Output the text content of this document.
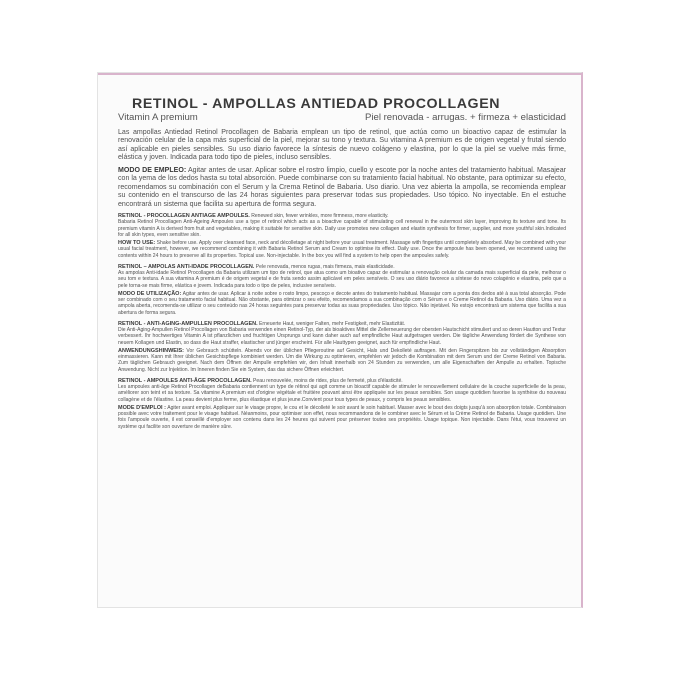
RETINOL - AMPOLLAS ANTIEDAD PROCOLLAGEN
Vitamin A premium	Piel renovada - arrugas. + firmeza + elasticidad

Las ampollas Antiedad Retinol Procollagen de Babaria emplean un tipo de retinol, que actúa como un bioactivo capaz de estimular la renovación celular de la capa más superficial de la piel, mejorar su tono y textura. Su vitamina A premium es de origen vegetal y frutal siendo así aplicable en pieles sensibles. Su uso diario favorece la síntesis de nuevo colágeno y elastina, por lo que la piel se vuelve más firme, elástica y joven. Indicada para todo tipo de pieles, incluso sensibles.

MODO DE EMPLEO: Agitar antes de usar. Aplicar sobre el rostro limpio, cuello y escote por la noche antes del tratamiento habitual. Masajear con la yema de los dedos hasta su total absorción. Puede combinarse con su tratamiento facial habitual. No obstante, para optimizar su efecto, recomendamos su combinación con el Serum y la Crema Retinol de Babaria. Uso diario. Una vez abierta la ampolla, se recomienda emplear su contenido en el transcurso de las 24 horas siguientes para preservar todas sus propiedades. Uso tópico. No inyectable. En el estuche encontrará un sistema que facilita su apertura de forma segura.

RETINOL - PROCOLLAGEN ANTIAGE AMPOULES. Renewed skin, fewer wrinkles, more firmness, more elasticity.

Babaria Retinol Procollagen Anti-Ageing Ampoules use a type of retinol which acts as a bioactive capable of stimulating cell renewal in the outermost skin layer, improving its texture and tone. Its premium vitamin A is derived from fruit and vegetables, making it suitable for sensitive skin. Daily use promotes new collagen and elastin synthesis for firmer, supplier, and more youthful skin.Indicated for all skin types, even sensitive skin.

HOW TO USE: Shake before use. Apply over cleansed face, neck and décolletage at night before your usual treatment. Massage with fingertips until completely absorbed. May be combined with your usual facial treatment, however, we recommend combining it with Babaria Retinol Serum and Cream to optimise its effect. Daily use. Once the ampoule has been opened, we recommend using the contents within 24 hours to preserve all its properties. Topical use. Non-injectable. In the box you will find a system to help open the ampoules safely.

RETINOL – AMPOLAS ANTI-IDADE PROCOLLAGEN. Pele renovada, menos rugas, mais firmeza, mais elasticidade.

As ampolas Anti-idade Retinol Procollagen da Babaria utilizam um tipo de retinol, que atua como um bioativo capaz de estimular a renovação celular da camada mais superficial da pele, melhorar o seu tom e textura. A sua vitamina A premium é de origem vegetal e de fruta sendo assim aplicável em peles sensíveis. O seu uso diário favorece a síntese do novo colagénio e elastina, pelo que a pele torna-se mais firme, elástica e jovem. Indicada para todo o tipo de peles, inclusive sensíveis.

MODO DE UTILIZAÇÃO: Agitar antes de usar. Aplicar à noite sobre o rosto limpo, pescoço e decote antes do tratamento habitual. Massajar com a ponta dos dedos até à sua total absorção. Pode ser combinado com o seu tratamento facial habitual. Não obstante, para otimizar o seu efeito, recomendamos a sua combinação com o Sérum e o Creme Retinol da Babaria. Uso diário. Uma vez a ampola aberta, recomenda-se utilizar o seu conteúdo nas 24 horas seguintes para preservar todas as suas propriedades. Uso tópico. Não injetável. No estojo encontrará um sistema que facilita a sua abertura de forma segura.

RETINOL - ANTI-AGING-AMPULLEN PROCOLLAGEN. Erneuerte Haut, weniger Falten, mehr Festigkeit, mehr Elastizität.

Die Anti-Aging-Ampullen Retinol Procollagen von Babaria verwenden einen Retinol-Typ, der als bioaktives Mittel die Zellerneuerung der obersten Hautschicht stimuliert und so deren Hautton und Textur verbessert. Ihr hochwertiges Vitamin A ist pflanzlichen und fruchtigen Ursprungs und kann daher auch auf empfindliche Haut aufgetragen werden. Die tägliche Anwendung fördert die Synthese von neuem Kollagen und Elastin, so dass die Haut straffer, elastischer und jünger erscheint. Für alle Hauttypen geeignet, auch für empfindliche Haut.

ANWENDUNGSHINWEIS: Vor Gebrauch schütteln. Abends vor der üblichen Pflegeroutine auf Gesicht, Hals und Dekolleté auftragen. Mit den Fingerspitzen bis zur vollständigen Absorption einmassieren. Kann mit Ihrer üblichen Gesichtspflege kombiniert werden. Um die Wirkung zu optimieren, empfehlen wir jedoch die Kombination mit dem Serum und der Creme Retinol von Babaria. Zum täglichen Gebrauch geeignet. Nach dem Öffnen der Ampulle empfehlen wir, den Inhalt innerhalb von 24 Stunden zu verwenden, um alle Eigenschaften der Ampulle zu erhalten. Topische Anwendung. Nicht zur Injektion. Im Inneren finden Sie ein System, das das sichere Öffnen erleichtert.

RETINOL - AMPOULES ANTI-ÂGE PROCOLLAGEN. Peau renouvelée, moins de rides, plus de fermeté, plus d'élasticité.

Les ampoules anti-âge Retinol Procollagen deBabaria contiennent un type de rétinol qui agit comme un bioactif capable de stimuler le renouvellement cellulaire de la couche superficielle de la peau, améliorer son teint et sa texture. Sa vitamine A premium est d'origine végétale et fruitière pouvant ainsi être appliquée sur les peaux sensibles. Son usage quotidien favorise la synthèse du nouveau collagène et de l'élastine. La peau devient plus ferme, plus élastique et plus jeune.Convient pour tous types de peaux, y compris les peaux sensibles.

MODE D'EMPLOI : Agiter avant emploi. Appliquer sur le visage propre, le cou et le décolleté le soir avant le soin habituel. Masser avec le bout des doigts jusqu'à son absorption totale. Combinaison possible avec votre traitement pour le visage habituel. Néanmoins, pour optimiser son effet, nous recommandons de le combiner avec le Sérum et la Crème Retinol de Babaria. Usage quotidien. Une fois l'ampoule ouverte, il est conseillé d'employer son contenu dans les 24 heures qui suivent pour préserver toutes ses propriétés. Usage topique. Non injectable. Dans l'étui, vous trouverez un système qui facilite son ouverture de manière sûre.
